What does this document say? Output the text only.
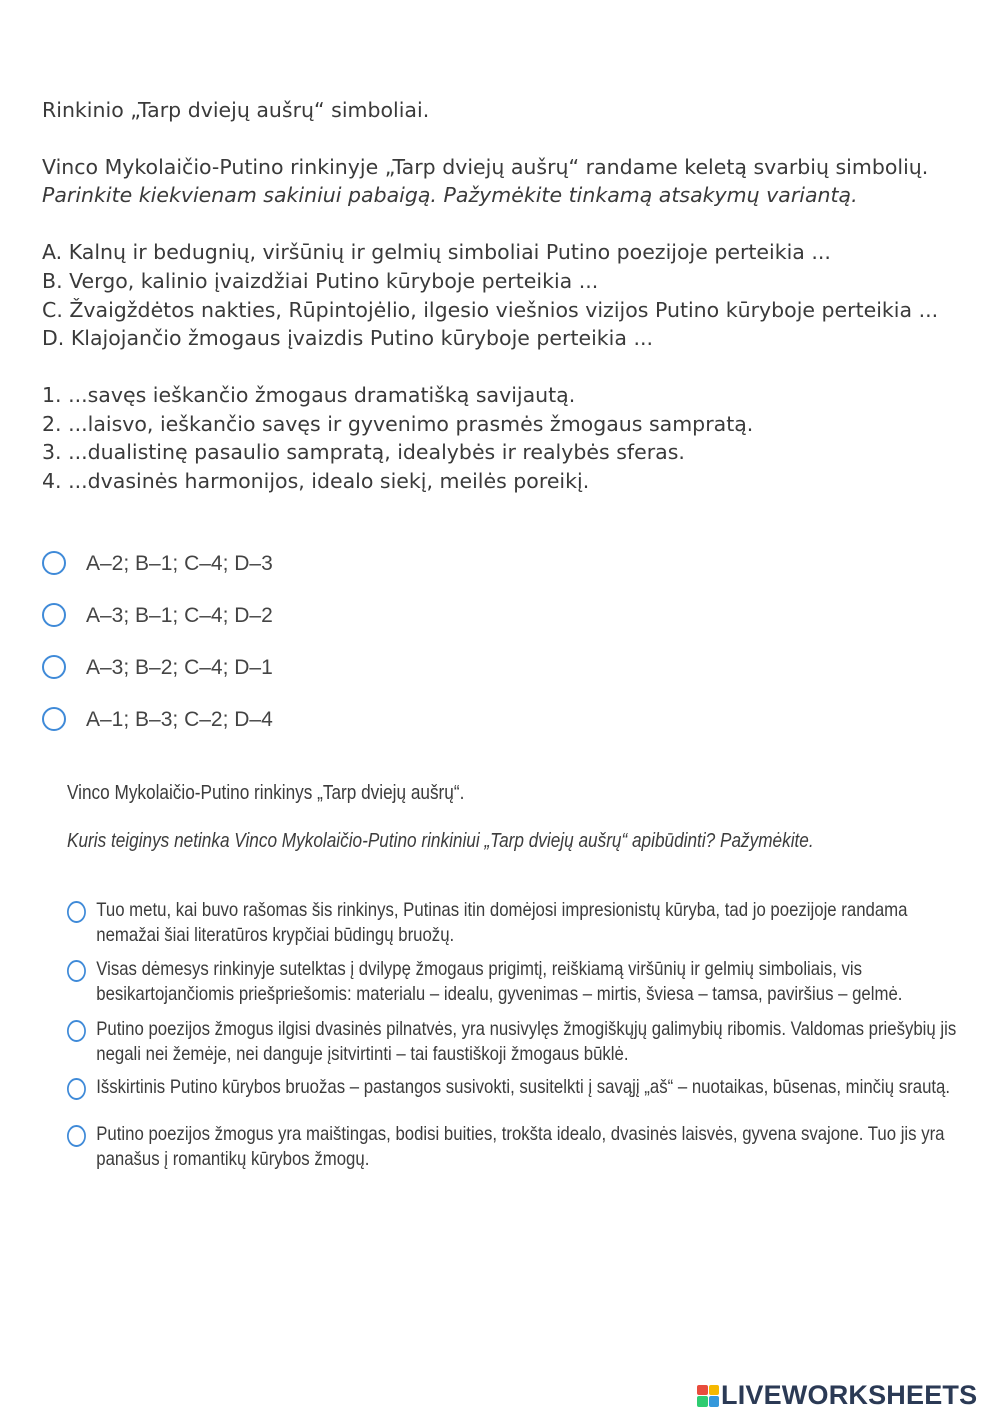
Rinkinio „Tarp dviejų aušrų“ simboliai.
Vinco Mykolaičio-Putino rinkinyje „Tarp dviejų aušrų“ randame keletą svarbių simbolių.
Parinkite kiekvienam sakiniui pabaigą. Pažymėkite tinkamą atsakymų variantą.
A. Kalnų ir bedugnių, viršūnių ir gelmių simboliai Putino poezijoje perteikia ...
B. Vergo, kalinio įvaizdžiai Putino kūryboje perteikia ...
C. Žvaigždėtos nakties, Rūpintojėlio, ilgesio viešnios vizijos Putino kūryboje perteikia ...
D. Klajojančio žmogaus įvaizdis Putino kūryboje perteikia ...
1. ...savęs ieškančio žmogaus dramatišką savijautą.
2. ...laisvo, ieškančio savęs ir gyvenimo prasmės žmogaus sampratą.
3. ...dualistinę pasaulio sampratą, idealybės ir realybės sferas.
4. ...dvasinės harmonijos, idealo siekį, meilės poreikį.
A–2; B–1; C–4; D–3
A–3; B–1; C–4; D–2
A–3; B–2; C–4; D–1
A–1; B–3; C–2; D–4
Vinco Mykolaičio-Putino rinkinys „Tarp dviejų aušrų“.
Kuris teiginys netinka Vinco Mykolaičio-Putino rinkiniui „Tarp dviejų aušrų“ apibūdinti? Pažymėkite.
Tuo metu, kai buvo rašomas šis rinkinys, Putinas itin domėjosi impresionistų kūryba, tad jo poezijoje randama
nemažai šiai literatūros krypčiai būdingų bruožų.
Visas dėmesys rinkinyje sutelktas į dvilypę žmogaus prigimtį, reiškiamą viršūnių ir gelmių simboliais, vis
besikartojančiomis priešpriešomis: materialu – idealu, gyvenimas – mirtis, šviesa – tamsa, paviršius – gelmė.
Putino poezijos žmogus ilgisi dvasinės pilnatvės, yra nusivylęs žmogiškųjų galimybių ribomis. Valdomas priešybių jis
negali nei žemėje, nei danguje įsitvirtinti – tai faustiškoji žmogaus būklė.
Išskirtinis Putino kūrybos bruožas – pastangos susivokti, susitelkti į savąjį „aš“ – nuotaikas, būsenas, minčių srautą.
Putino poezijos žmogus yra maištingas, bodisi buities, trokšta idealo, dvasinės laisvės, gyvena svajone. Tuo jis yra
panašus į romantikų kūrybos žmogų.
LIVEWORKSHEETS
